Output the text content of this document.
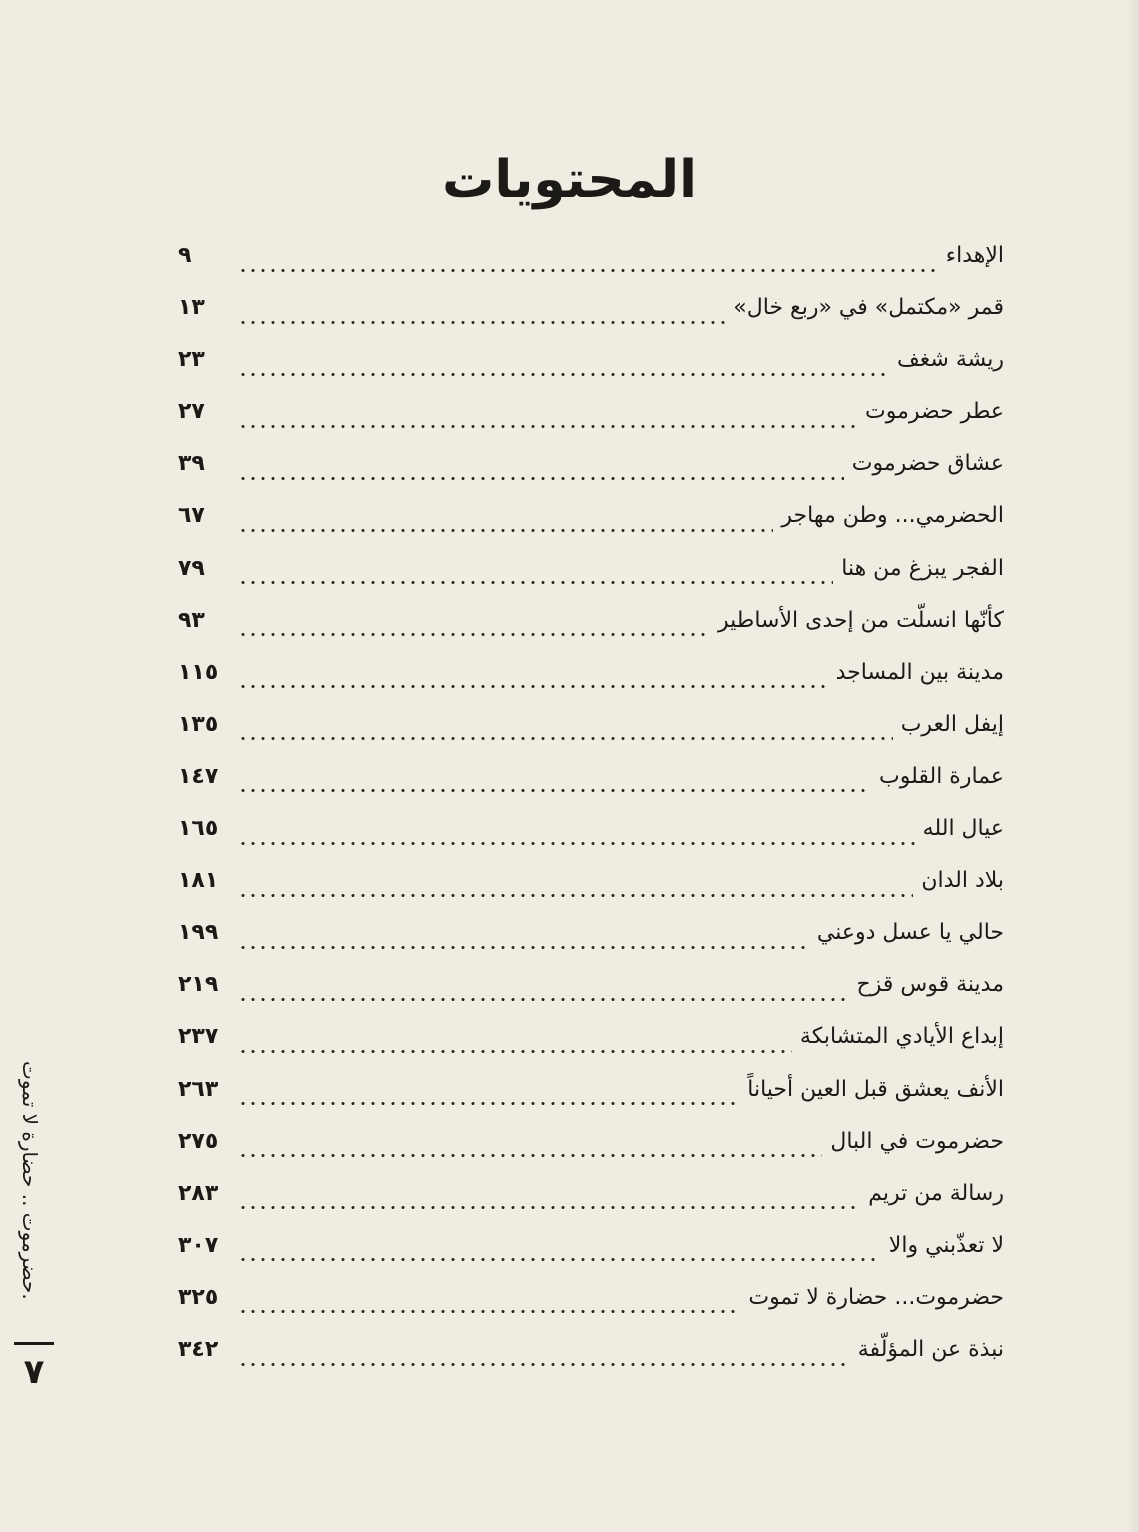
المحتويات
الإهداء
٩
قمر «مكتمل» في «ربع خال»
١٣
ريشة شغف
٢٣
عطر حضرموت
٢٧
عشاق حضرموت
٣٩
الحضرمي... وطن مهاجر
٦٧
الفجر يبزغ من هنا
٧٩
كأنّها انسلّت من إحدى الأساطير
٩٣
مدينة بين المساجد
١١٥
إيفل العرب
١٣٥
عمارة القلوب
١٤٧
عيال الله
١٦٥
بلاد الدان
١٨١
حالي يا عسل دوعني
١٩٩
مدينة قوس قزح
٢١٩
إبداع الأيادي المتشابكة
٢٣٧
الأنف يعشق قبل العين أحياناً
٢٦٣
حضرموت في البال
٢٧٥
رسالة من تريم
٢٨٣
لا تعذّبني والا
٣٠٧
حضرموت... حضارة لا تموت
٣٢٥
نبذة عن المؤلّفة
٣٤٢
حضرموت .. حضارة لا تموت.
٧
